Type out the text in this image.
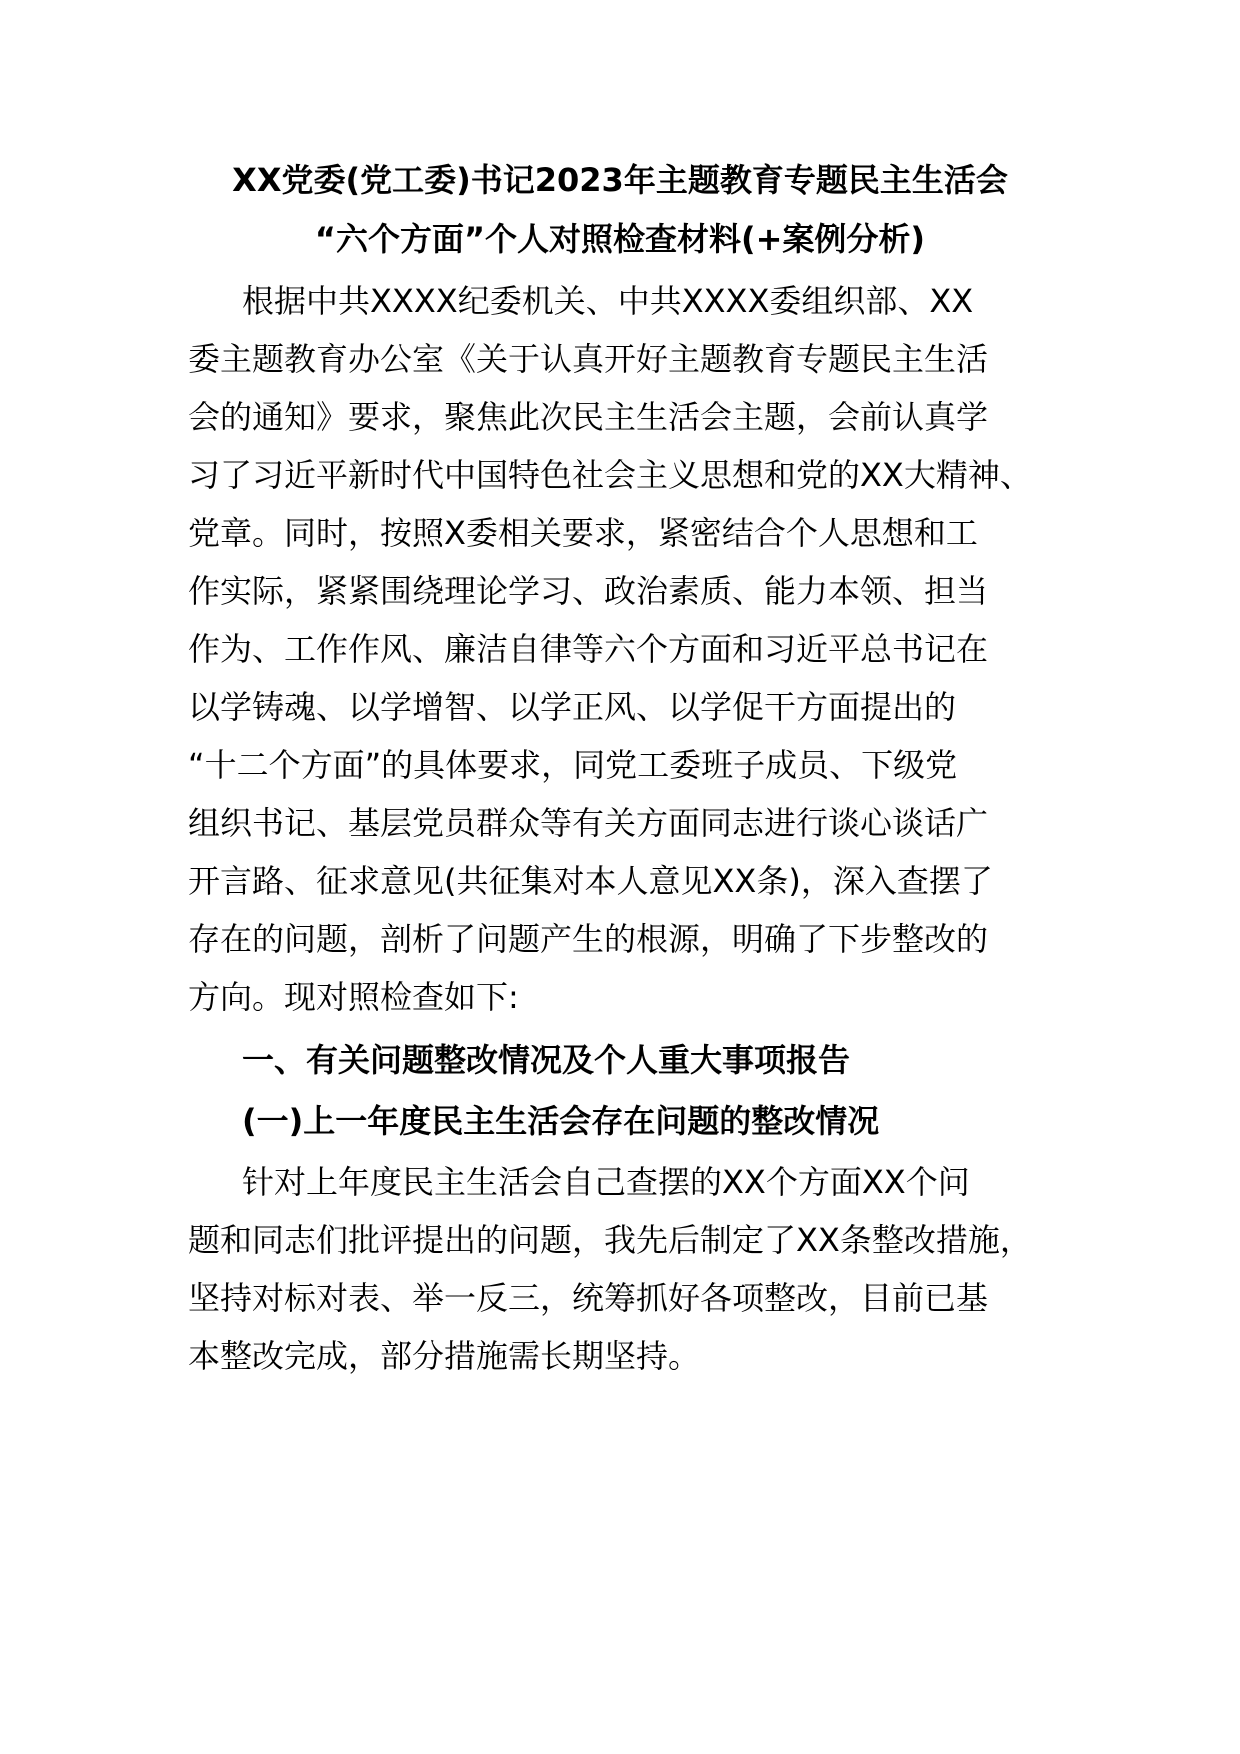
XX党委(党工委)书记2023年主题教育专题民主生活会
“六个方面”个人对照检查材料(+案例分析)
根据中共XXXX纪委机关、中共XXXX委组织部、XX
委主题教育办公室《关于认真开好主题教育专题民主生活
会的通知》要求，聚焦此次民主生活会主题，会前认真学
习了习近平新时代中国特色社会主义思想和党的XX大精神、
党章。同时，按照X委相关要求，紧密结合个人思想和工
作实际，紧紧围绕理论学习、政治素质、能力本领、担当
作为、工作作风、廉洁自律等六个方面和习近平总书记在
以学铸魂、以学增智、以学正风、以学促干方面提出的
“十二个方面”的具体要求，同党工委班子成员、下级党
组织书记、基层党员群众等有关方面同志进行谈心谈话广
开言路、征求意见(共征集对本人意见XX条)，深入查摆了
存在的问题，剖析了问题产生的根源，明确了下步整改的
方向。现对照检查如下:
一、有关问题整改情况及个人重大事项报告
(一)上一年度民主生活会存在问题的整改情况
针对上年度民主生活会自己查摆的XX个方面XX个问
题和同志们批评提出的问题，我先后制定了XX条整改措施，
坚持对标对表、举一反三，统筹抓好各项整改，目前已基
本整改完成，部分措施需长期坚持。
